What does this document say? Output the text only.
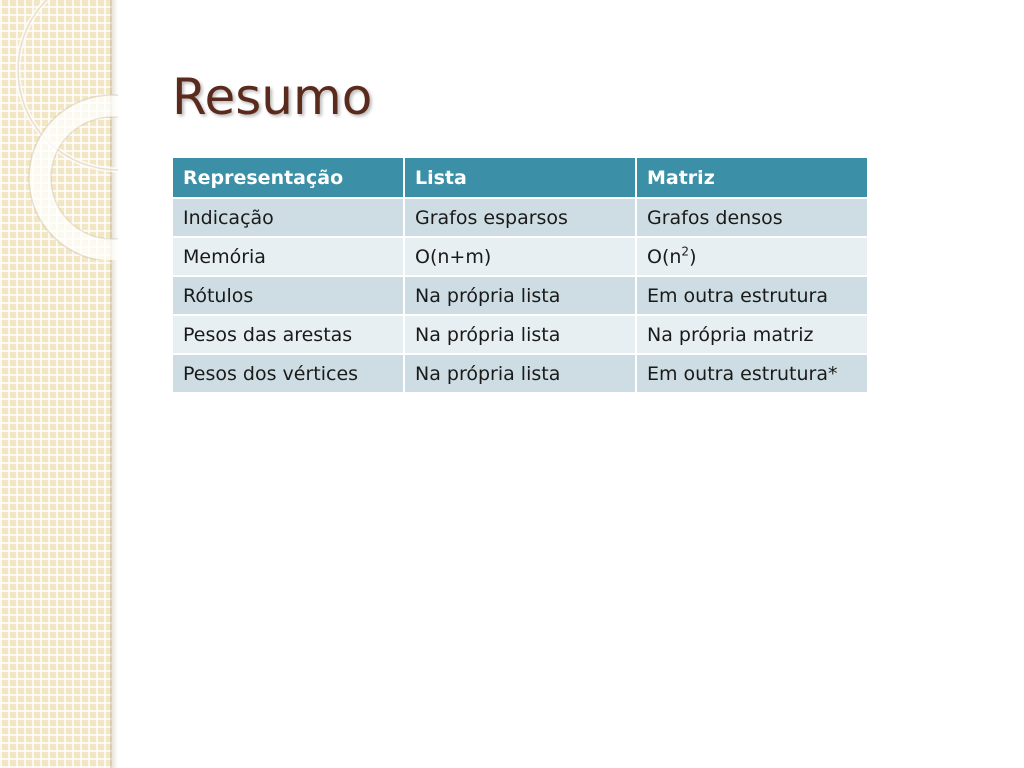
Resumo
Representação	Lista	Matriz
Indicação	Grafos esparsos	Grafos densos
Memória	O(n+m)	$O(n^2)$
Rótulos	Na própria lista	Em outra estrutura
Pesos das arestas	Na própria lista	Na própria matriz
Pesos dos vértices	Na própria lista	Em outra estrutura*
